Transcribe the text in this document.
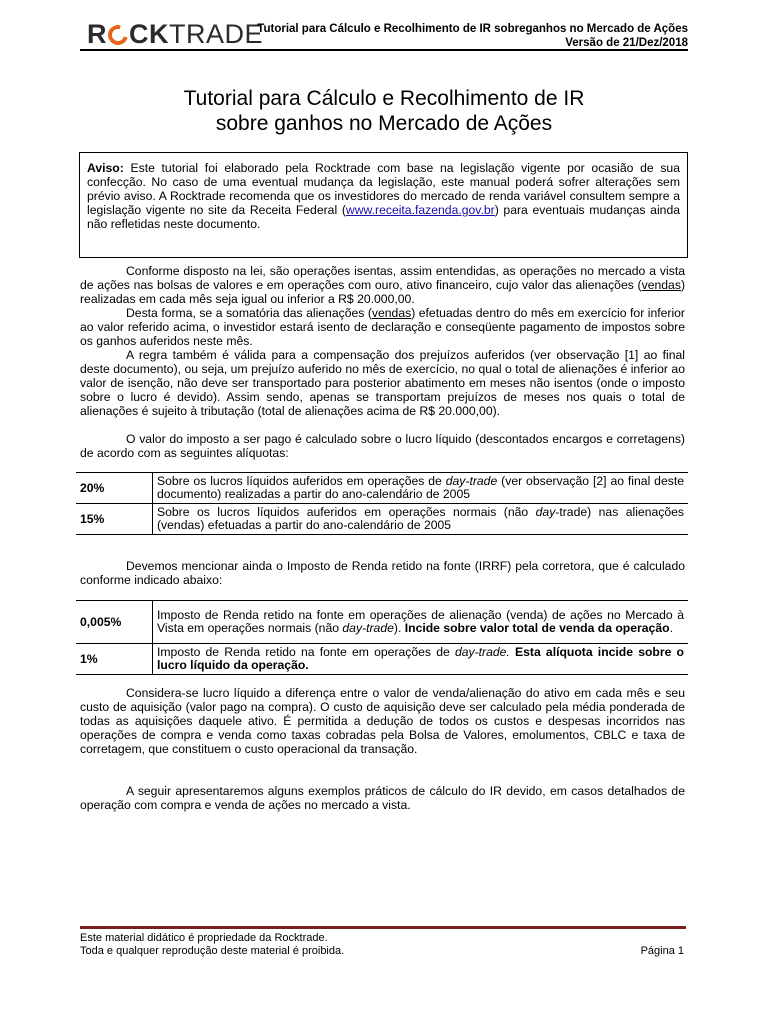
R CK TRADE
Tutorial para Cálculo e Recolhimento de IR sobreganhos no Mercado de Ações
Versão de 21/Dez/2018
Tutorial para Cálculo e Recolhimento de IR
sobre ganhos no Mercado de Ações
Aviso: Este tutorial foi elaborado pela Rocktrade com base na legislação vigente por ocasião de sua confecção. No caso de uma eventual mudança da legislação, este manual poderá sofrer alterações sem prévio aviso. A Rocktrade recomenda que os investidores do mercado de renda variável consultem sempre a legislação vigente no site da Receita Federal (www.receita.fazenda.gov.br) para eventuais mudanças ainda não refletidas neste documento.
Conforme disposto na lei, são operações isentas, assim entendidas, as operações no mercado a vista de ações nas bolsas de valores e em operações com ouro, ativo financeiro, cujo valor das alienações (vendas) realizadas em cada mês seja igual ou inferior a R$ 20.000,00.
Desta forma, se a somatória das alienações (vendas) efetuadas dentro do mês em exercício for inferior ao valor referido acima, o investidor estará isento de declaração e conseqüente pagamento de impostos sobre os ganhos auferidos neste mês.
A regra também é válida para a compensação dos prejuízos auferidos (ver observação [1] ao final deste documento), ou seja, um prejuízo auferido no mês de exercício, no qual o total de alienações é inferior ao valor de isenção, não deve ser transportado para posterior abatimento em meses não isentos (onde o imposto sobre o lucro é devido). Assim sendo, apenas se transportam prejuízos de meses nos quais o total de alienações é sujeito à tributação (total de alienações acima de R$ 20.000,00).
O valor do imposto a ser pago é calculado sobre o lucro líquido (descontados encargos e corretagens) de acordo com as seguintes alíquotas:
20%	Sobre os lucros líquidos auferidos em operações de day-trade (ver observação [2] ao final deste documento) realizadas a partir do ano-calendário de 2005
15%	Sobre os lucros líquidos auferidos em operações normais (não day-trade) nas alienações (vendas) efetuadas a partir do ano-calendário de 2005
Devemos mencionar ainda o Imposto de Renda retido na fonte (IRRF) pela corretora, que é calculado conforme indicado abaixo:
0,005%	Imposto de Renda retido na fonte em operações de alienação (venda) de ações no Mercado à Vista em operações normais (não day-trade). Incide sobre valor total de venda da operação.
1%	Imposto de Renda retido na fonte em operações de day-trade. Esta alíquota incide sobre o lucro líquido da operação.
Considera-se lucro líquido a diferença entre o valor de venda/alienação do ativo em cada mês e seu custo de aquisição (valor pago na compra). O custo de aquisição deve ser calculado pela média ponderada de todas as aquisições daquele ativo. É permitida a dedução de todos os custos e despesas incorridos nas operações de compra e venda como taxas cobradas pela Bolsa de Valores, emolumentos, CBLC e taxa de corretagem, que constituem o custo operacional da transação.
A seguir apresentaremos alguns exemplos práticos de cálculo do IR devido, em casos detalhados de operação com compra e venda de ações no mercado a vista.
Este material didático é propriedade da Rocktrade.
Toda e qualquer reprodução deste material é proibida.	Página 1
